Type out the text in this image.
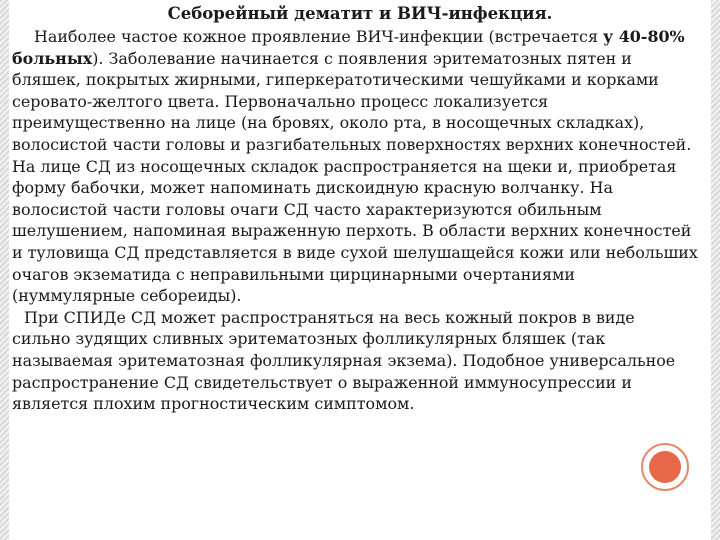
Себорейный дематит и ВИЧ-инфекция.

Наиболее частое кожное проявление ВИЧ-инфекции (встречается у 40-80% больных). Заболевание начинается с появления эритематозных пятен и бляшек, покрытых жирными, гиперкератотическими чешуйками и корками серовато-желтого цвета. Первоначально процесс локализуется преимущественно на лице (на бровях, около рта, в носощечных складках), волосистой части головы и разгибательных поверхностях верхних конечностей. На лице СД из носощечных складок распространяется на щеки и, приобретая форму бабочки, может напоминать дискоидную красную волчанку. На волосистой части головы очаги СД часто характеризуются обильным шелушением, напоминая выраженную перхоть. В области верхних конечностей и туловища СД представляется в виде сухой шелушащейся кожи или небольших очагов экзематида с неправильными цирцинарными очертаниями (нуммулярные себореиды).

При СПИДе СД может распространяться на весь кожный покров в виде сильно зудящих сливных эритематозных фолликулярных бляшек (так называемая эритематозная фолликулярная экзема). Подобное универсальное распространение СД свидетельствует о выраженной иммуносупрессии и является плохим прогностическим симптомом.
